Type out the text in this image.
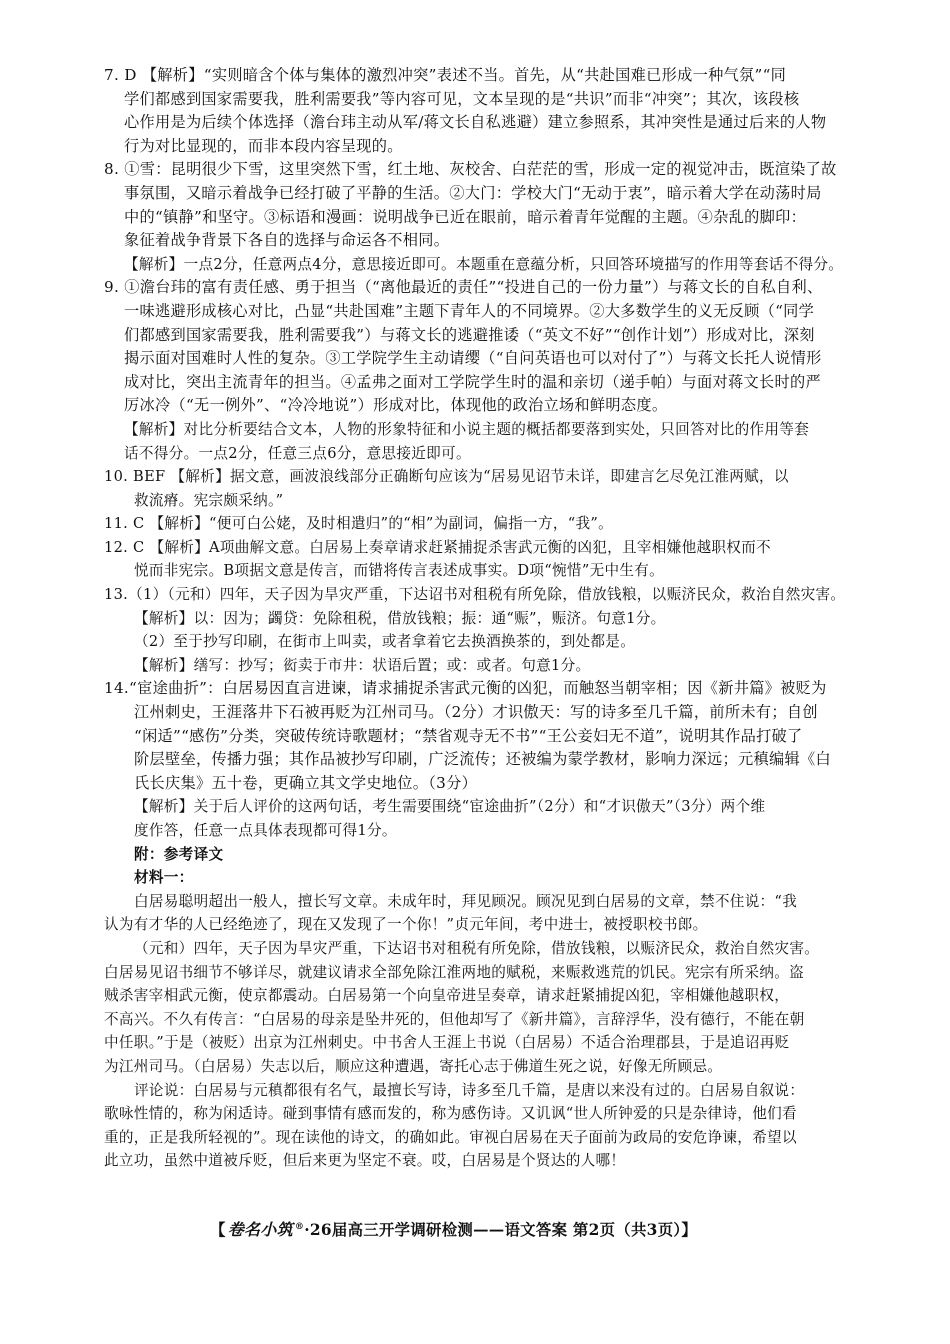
7. D 【解析】“实则暗含个体与集体的激烈冲突”表述不当。首先，从“共赴国难已形成一种气氛”“同
学们都感到国家需要我，胜利需要我”等内容可见，文本呈现的是“共识”而非“冲突”；其次，该段核
心作用是为后续个体选择（澹台玮主动从军/蒋文长自私逃避）建立参照系，其冲突性是通过后来的人物
行为对比显现的，而非本段内容呈现的。
8. ①雪：昆明很少下雪，这里突然下雪，红土地、灰校舍、白茫茫的雪，形成一定的视觉冲击，既渲染了故
事氛围，又暗示着战争已经打破了平静的生活。②大门：学校大门“无动于衷”，暗示着大学在动荡时局
中的“镇静”和坚守。③标语和漫画：说明战争已近在眼前，暗示着青年觉醒的主题。④杂乱的脚印：
象征着战争背景下各自的选择与命运各不相同。
【解析】一点2分，任意两点4分，意思接近即可。本题重在意蕴分析，只回答环境描写的作用等套话不得分。
9. ①澹台玮的富有责任感、勇于担当（“离他最近的责任”“投进自己的一份力量”）与蒋文长的自私自利、
一味逃避形成核心对比，凸显“共赴国难”主题下青年人的不同境界。②大多数学生的义无反顾（“同学
们都感到国家需要我，胜利需要我”）与蒋文长的逃避推诿（“英文不好”“创作计划”）形成对比，深刻
揭示面对国难时人性的复杂。③工学院学生主动请缨（“自问英语也可以对付了”）与蒋文长托人说情形
成对比，突出主流青年的担当。④孟弗之面对工学院学生时的温和亲切（递手帕）与面对蒋文长时的严
厉冰冷（“无一例外”、“冷冷地说”）形成对比，体现他的政治立场和鲜明态度。
【解析】对比分析要结合文本，人物的形象特征和小说主题的概括都要落到实处，只回答对比的作用等套
话不得分。一点2分，任意三点6分，意思接近即可。
10. BEF 【解析】据文意，画波浪线部分正确断句应该为“居易见诏节未详，即建言乞尽免江淮两赋，以
救流瘠。宪宗颇采纳。”
11. C 【解析】“便可白公姥，及时相遣归”的“相”为副词，偏指一方，“我”。
12. C 【解析】A项曲解文意。白居易上奏章请求赶紧捕捉杀害武元衡的凶犯，且宰相嫌他越职权而不
悦而非宪宗。B项据文意是传言，而错将传言表述成事实。D项“惋惜”无中生有。
13.（1）（元和）四年，天子因为旱灾严重，下达诏书对租税有所免除，借放钱粮，以赈济民众，救治自然灾害。
【解析】以：因为；蠲贷：免除租税，借放钱粮；振：通“赈”，赈济。句意1分。
（2）至于抄写印刷，在街市上叫卖，或者拿着它去换酒换茶的，到处都是。
【解析】缮写：抄写；衒卖于市井：状语后置；或：或者。句意1分。
14.“宦途曲折”：白居易因直言进谏，请求捕捉杀害武元衡的凶犯，而触怒当朝宰相；因《新井篇》被贬为
江州刺史，王涯落井下石被再贬为江州司马。（2分）才识傲天：写的诗多至几千篇，前所未有；自创
“闲适”“感伤”分类，突破传统诗歌题材；“禁省观寺无不书”“王公妾妇无不道”，说明其作品打破了
阶层壁垒，传播力强；其作品被抄写印刷，广泛流传；还被编为蒙学教材，影响力深远；元稹编辑《白
氏长庆集》五十卷，更确立其文学史地位。（3分）
【解析】关于后人评价的这两句话，考生需要围绕“宦途曲折”（2分）和“才识傲天”（3分）两个维
度作答，任意一点具体表现都可得1分。
附：参考译文
材料一：
白居易聪明超出一般人，擅长写文章。未成年时，拜见顾况。顾况见到白居易的文章，禁不住说：“我
认为有才华的人已经绝迹了，现在又发现了一个你！”贞元年间，考中进士，被授职校书郎。
（元和）四年，天子因为旱灾严重，下达诏书对租税有所免除，借放钱粮，以赈济民众，救治自然灾害。
白居易见诏书细节不够详尽，就建议请求全部免除江淮两地的赋税，来赈救逃荒的饥民。宪宗有所采纳。盗
贼杀害宰相武元衡，使京都震动。白居易第一个向皇帝进呈奏章，请求赶紧捕捉凶犯，宰相嫌他越职权，
不高兴。不久有传言：“白居易的母亲是坠井死的，但他却写了《新井篇》，言辞浮华，没有德行，不能在朝
中任职。”于是（被贬）出京为江州刺史。中书舍人王涯上书说（白居易）不适合治理郡县，于是追诏再贬
为江州司马。（白居易）失志以后，顺应这种遭遇，寄托心志于佛道生死之说，好像无所顾忌。
评论说：白居易与元稹都很有名气，最擅长写诗，诗多至几千篇，是唐以来没有过的。白居易自叙说：
歌咏性情的，称为闲适诗。碰到事情有感而发的，称为感伤诗。又讥讽“世人所钟爱的只是杂律诗，他们看
重的，正是我所轻视的”。现在读他的诗文，的确如此。审视白居易在天子面前为政局的安危诤谏，希望以
此立功，虽然中道被斥贬，但后来更为坚定不衰。哎，白居易是个贤达的人哪！
【 卷名小筑 ®·26届高三开学调研检测——语文答案 第2页（共3页）】
